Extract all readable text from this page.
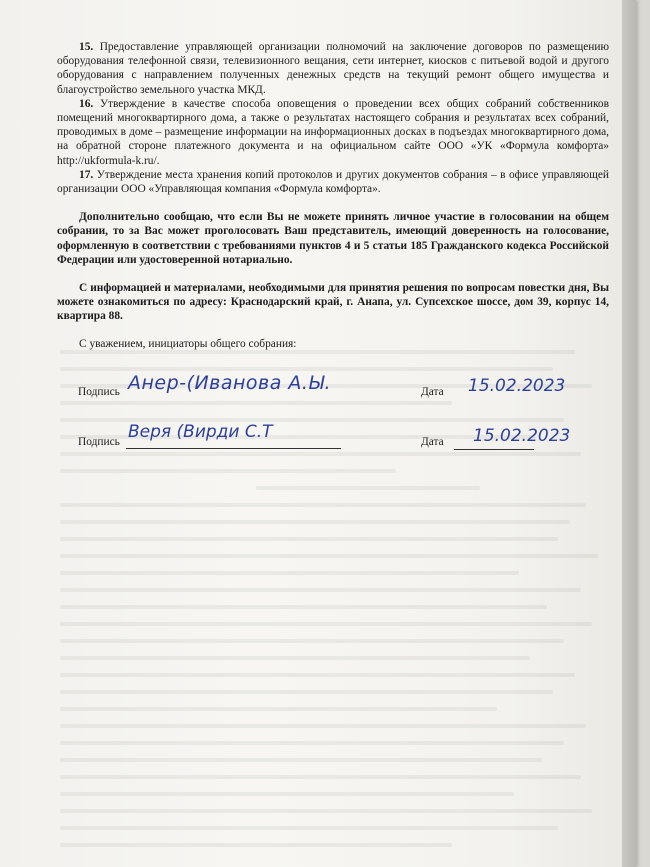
15. Предоставление управляющей организации полномочий на заключение договоров по размещению оборудования телефонной связи, телевизионного вещания, сети интернет, киосков с питьевой водой и другого оборудования с направлением полученных денежных средств на текущий ремонт общего имущества и благоустройство земельного участка МКД.

16. Утверждение в качестве способа оповещения о проведении всех общих собраний собственников помещений многоквартирного дома, а также о результатах настоящего собрания и результатах всех собраний, проводимых в доме – размещение информации на информационных досках в подъездах многоквартирного дома, на обратной стороне платежного документа и на официальном сайте ООО «УК «Формула комфорта» http://ukformula-k.ru/.

17. Утверждение места хранения копий протоколов и других документов собрания – в офисе управляющей организации ООО «Управляющая компания «Формула комфорта».

Дополнительно сообщаю, что если Вы не можете принять личное участие в голосовании на общем собрании, то за Вас может проголосовать Ваш представитель, имеющий доверенность на голосование, оформленную в соответствии с требованиями пунктов 4 и 5 статьи 185 Гражданского кодекса Российской Федерации или удостоверенной нотариально.

С информацией и материалами, необходимыми для принятия решения по вопросам повестки дня, Вы можете ознакомиться по адресу: Краснодарский край, г. Анапа, ул. Супсехское шоссе, дом 39, корпус 14, квартира 88.

С уважением, инициаторы общего собрания:

Подпись Анер-(Иванова А.Ы.	Дата 15.02.2023
Подпись Веря (Вирди С.Т	Дата 15.02.2023
